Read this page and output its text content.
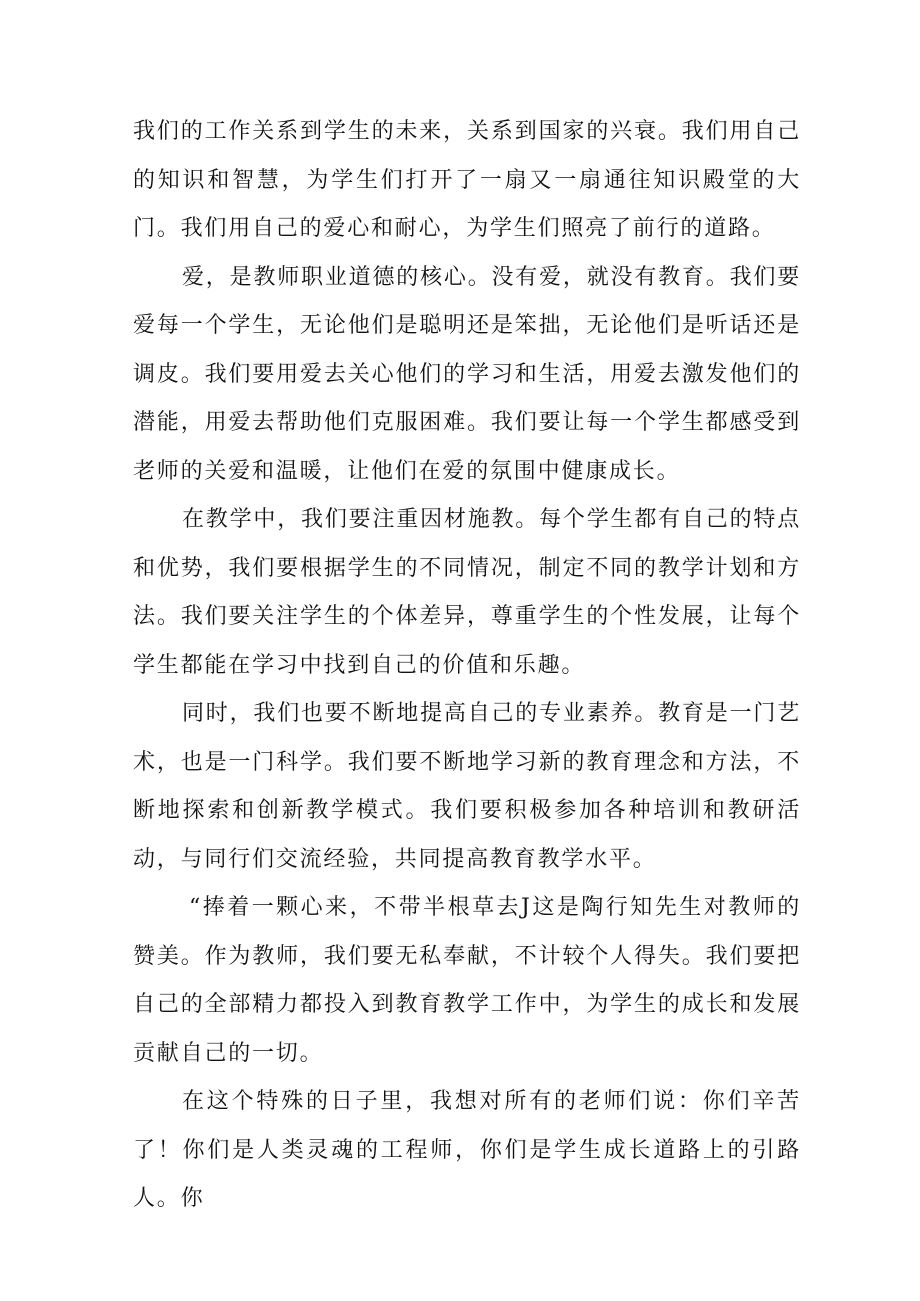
我们的工作关系到学生的未来，关系到国家的兴衰。我们用自己的知识和智慧，为学生们打开了一扇又一扇通往知识殿堂的大门。我们用自己的爱心和耐心，为学生们照亮了前行的道路。

爱，是教师职业道德的核心。没有爱，就没有教育。我们要爱每一个学生，无论他们是聪明还是笨拙，无论他们是听话还是调皮。我们要用爱去关心他们的学习和生活，用爱去激发他们的潜能，用爱去帮助他们克服困难。我们要让每一个学生都感受到老师的关爱和温暖，让他们在爱的氛围中健康成长。

在教学中，我们要注重因材施教。每个学生都有自己的特点和优势，我们要根据学生的不同情况，制定不同的教学计划和方法。我们要关注学生的个体差异，尊重学生的个性发展，让每个学生都能在学习中找到自己的价值和乐趣。

同时，我们也要不断地提高自己的专业素养。教育是一门艺术，也是一门科学。我们要不断地学习新的教育理念和方法，不断地探索和创新教学模式。我们要积极参加各种培训和教研活动，与同行们交流经验，共同提高教育教学水平。

“捧着一颗心来，不带半根草去J这是陶行知先生对教师的赞美。作为教师，我们要无私奉献，不计较个人得失。我们要把自己的全部精力都投入到教育教学工作中，为学生的成长和发展贡献自己的一切。

在这个特殊的日子里，我想对所有的老师们说：你们辛苦了！你们是人类灵魂的工程师，你们是学生成长道路上的引路人。你
